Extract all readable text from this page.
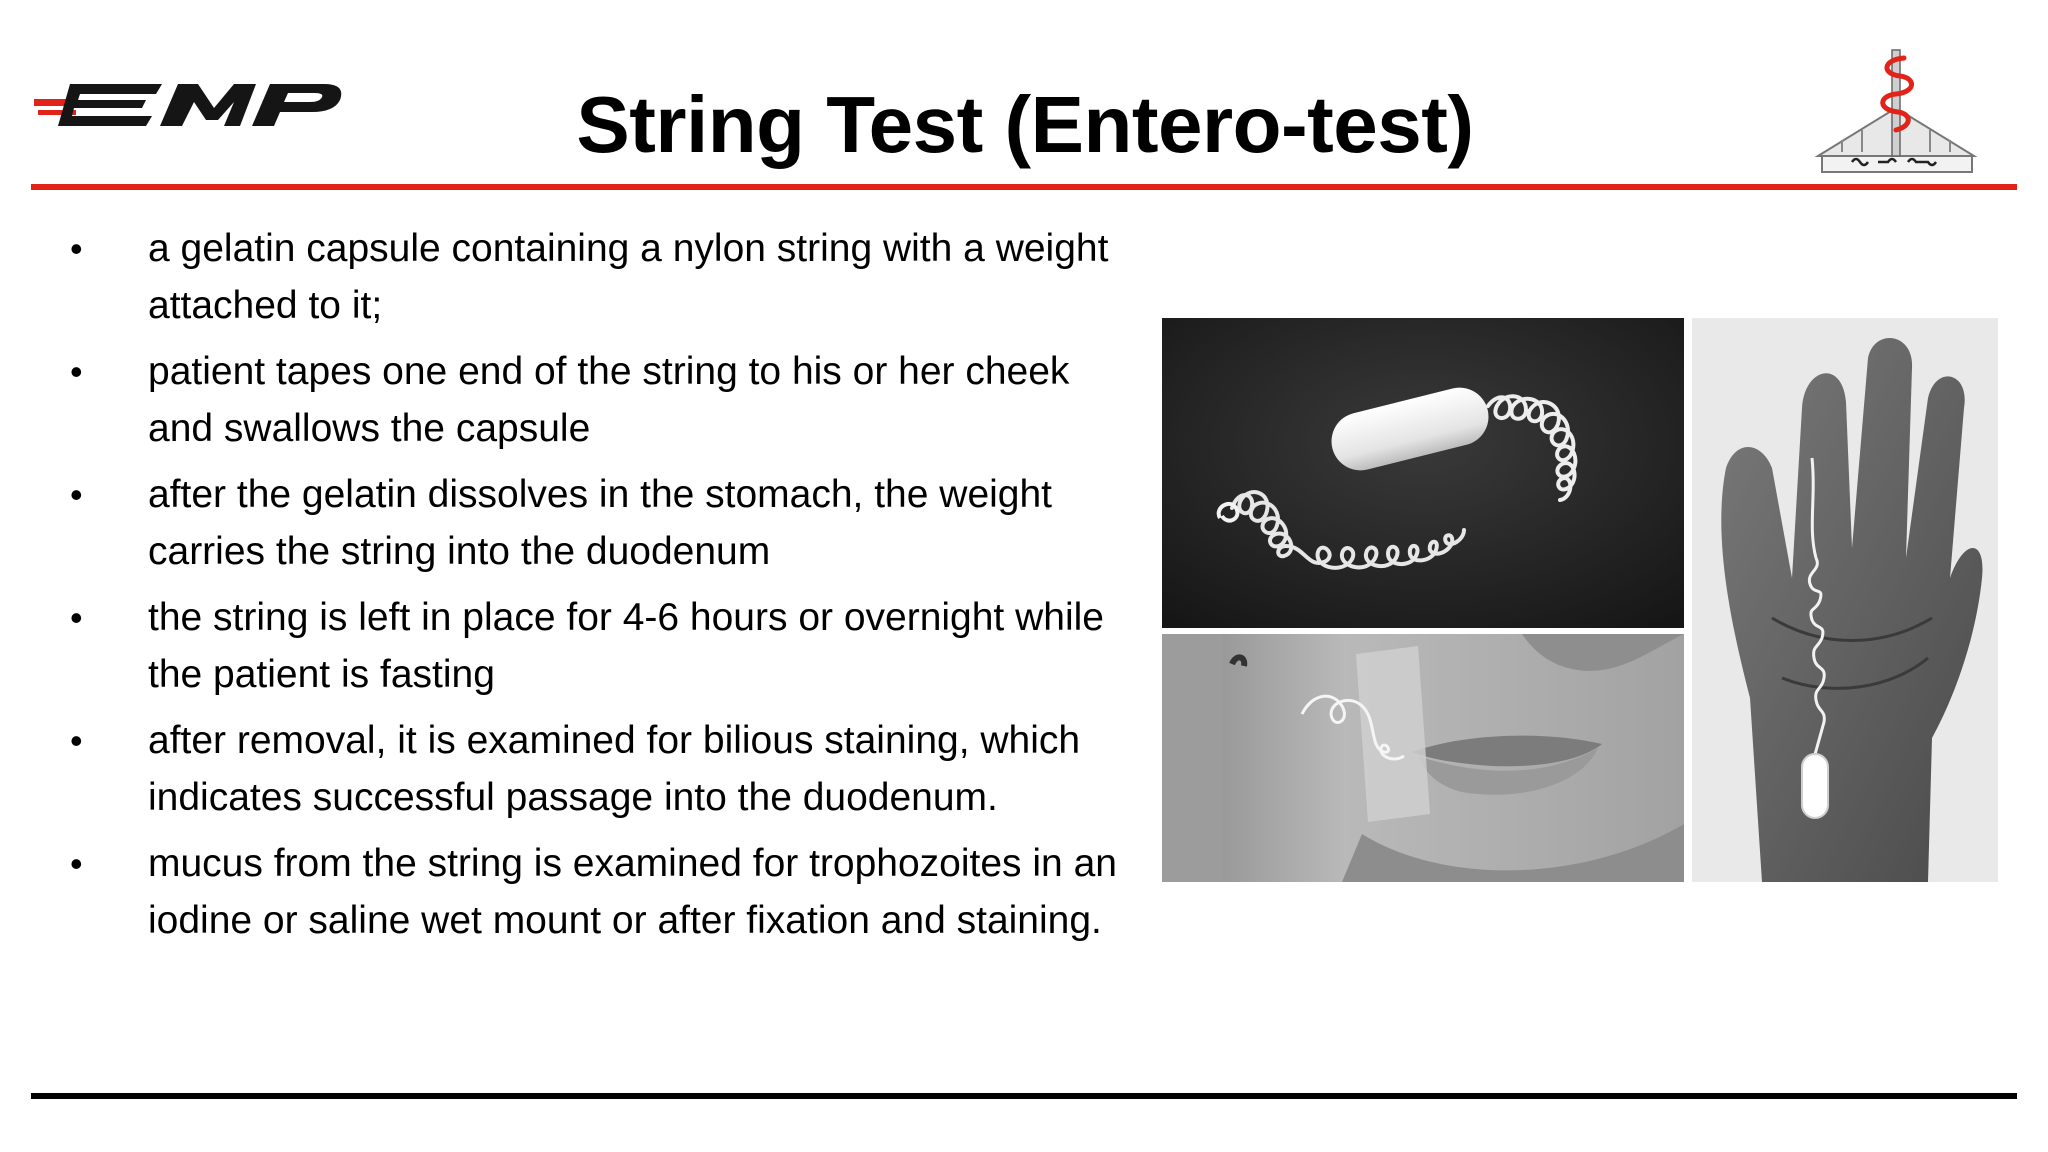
String Test (Entero-test)
• a gelatin capsule containing a nylon string with a weight attached to it;
• patient tapes one end of the string to his or her cheek and swallows the capsule
• after the gelatin dissolves in the stomach, the weight carries the string into the duodenum
• the string is left in place for 4-6 hours or overnight while the patient is fasting
• after removal, it is examined for bilious staining, which indicates successful passage into the duodenum.
• mucus from the string is examined for trophozoites in an iodine or saline wet mount or after fixation and staining.
